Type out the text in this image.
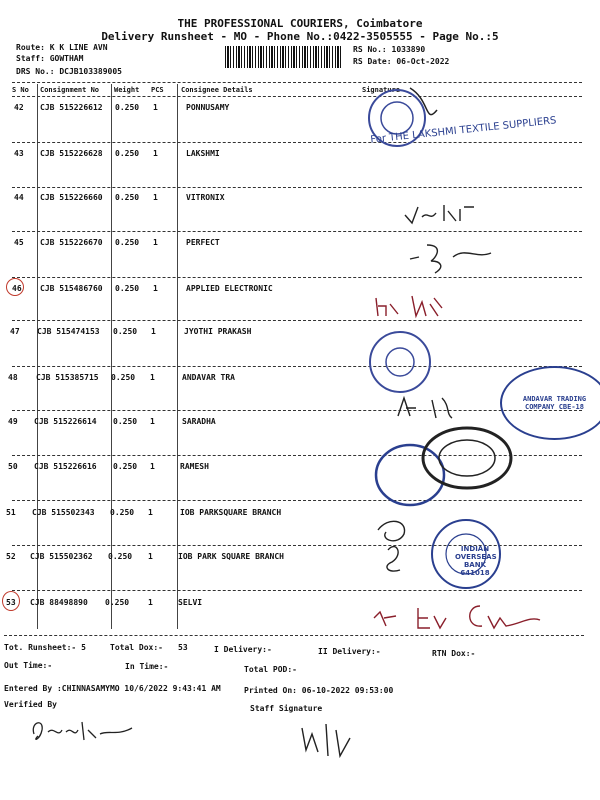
THE PROFESSIONAL COURIERS, Coimbatore
Delivery Runsheet - MO - Phone No.:0422-3505555 - Page No.:5
Route: K K LINE AVN
Staff: GOWTHAM
DRS No.: DCJB103389005
RS No.: 1033890
RS Date: 06-Oct-2022
S No Consignment No Weight PCS Consignee Details	Signature
42 CJB 515226612 0.250 1	PONNUSAMY
43 CJB 515226628 0.250 1	LAKSHMI
44 CJB 515226660 0.250 1	VITRONIX
45 CJB 515226670 0.250 1	PERFECT
46 CJB 515486760 0.250 1	APPLIED ELECTRONIC
47 CJB 515474153 0.250 1	JYOTHI PRAKASH
48 CJB 515385715 0.250 1	ANDAVAR TRA
49 CJB 515226614 0.250 1	SARADHA
50 CJB 515226616 0.250 1	RAMESH
51 CJB 515502343 0.250 1	IOB PARKSQUARE BRANCH
52 CJB 515502362 0.250 1	IOB PARK SQUARE BRANCH
53 CJB 88498890 0.250 1	SELVI
For THE LAKSHMI TEXTILE SUPPLIERS
ANDAVAR TRADING COMPANY CBE-18
INDIAN OVERSEAS BANK 641018
Tot. Runsheet:- 5	Total Dox:- 53	I Delivery:-	II Delivery:-	RTN Dox:-
Out Time:-	In Time:-	Total POD:-
Entered By :CHINNASAMYMO 10/6/2022 9:43:41 AM	Printed On: 06-10-2022 09:53:00
Verified By	Staff Signature
